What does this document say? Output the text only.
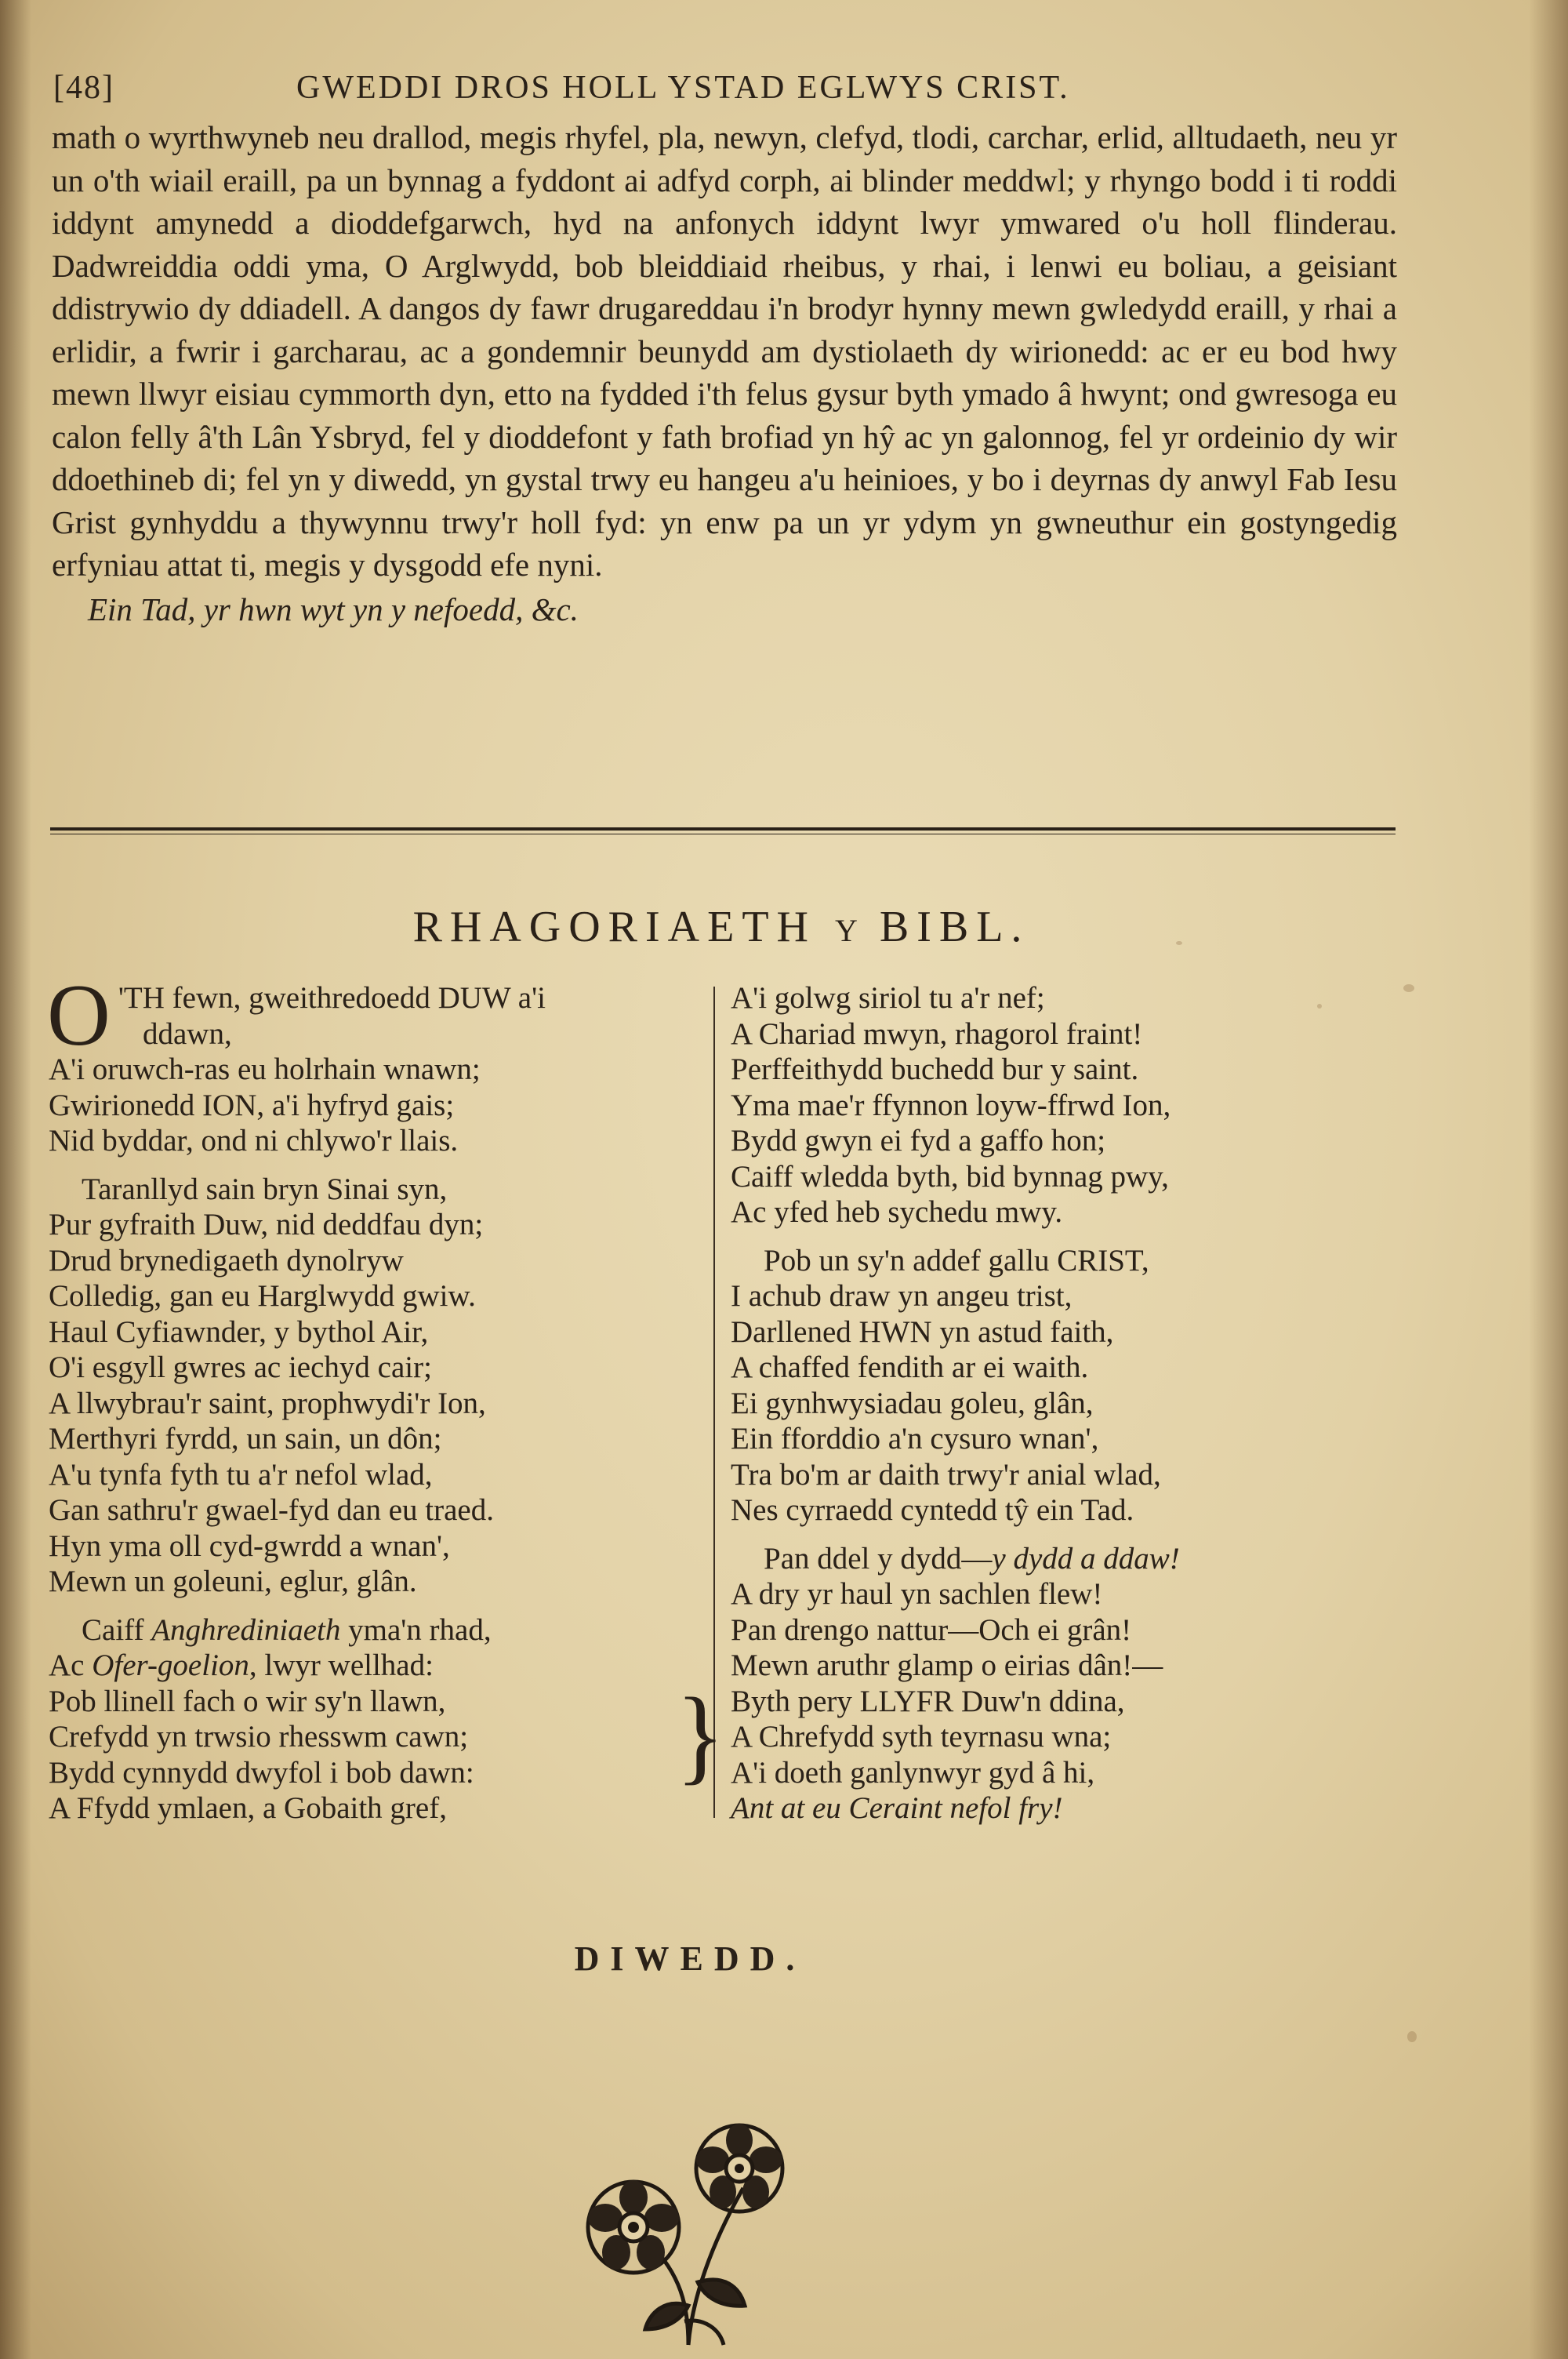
[48]	GWEDDI DROS HOLL YSTAD EGLWYS CRIST.

math o wyrthwyneb neu drallod, megis rhyfel, pla, newyn, clefyd, tlodi, carchar, erlid, alltudaeth, neu yr un o'th wiail eraill, pa un bynnag a fyddont ai adfyd corph, ai blinder meddwl; y rhyngo bodd i ti roddi iddynt amynedd a dioddefgarwch, hyd na anfonych iddynt lwyr ymwared o'u holl flinderau. Dadwreiddia oddi yma, O Arglwydd, bob bleiddiaid rheibus, y rhai, i lenwi eu boliau, a geisiant ddistrywio dy ddiadell. A dangos dy fawr drugareddau i'n brodyr hynny mewn gwledydd eraill, y rhai a erlidir, a fwrir i garcharau, ac a gondemnir beunydd am dystiolaeth dy wirionedd: ac er eu bod hwy mewn llwyr eisiau cymmorth dyn, etto na fydded i'th felus gysur byth ymado â hwynt; ond gwresoga eu calon felly â'th Lân Ysbryd, fel y dioddefont y fath brofiad yn hŷ ac yn galonnog, fel yr ordeinio dy wir ddoethineb di; fel yn y diwedd, yn gystal trwy eu hangeu a'u heinioes, y bo i deyrnas dy anwyl Fab Iesu Grist gynhyddu a thywynnu trwy'r holl fyd: yn enw pa un yr ydym yn gwneuthur ein gostyngedig erfyniau attat ti, megis y dysgodd efe nyni.

Ein Tad, yr hwn wyt yn y nefoedd, &c.

RHAGORIAETH Y BIBL.
O 'TH fewn, gweithredoedd DUW a'i
ddawn,
A'i oruwch-ras eu holrhain wnawn;
Gwirionedd ION, a'i hyfryd gais;
Nid byddar, ond ni chlywo'r llais.
Taranllyd sain bryn Sinai syn,
Pur gyfraith Duw, nid deddfau dyn;
Drud brynedigaeth dynolryw
Colledig, gan eu Harglwydd gwiw.
Haul Cyfiawnder, y bythol Air,
O'i esgyll gwres ac iechyd cair;
A llwybrau'r saint, prophwydi'r Ion,
Merthyri fyrdd, un sain, un dôn;
A'u tynfa fyth tu a'r nefol wlad,
Gan sathru'r gwael-fyd dan eu traed.
Hyn yma oll cyd-gwrdd a wnan',
Mewn un goleuni, eglur, glân.
Caiff Anghrediniaeth yma'n rhad,
Ac Ofer-goelion, lwyr wellhad:
Pob llinell fach o wir sy'n llawn,
Crefydd yn trwsio rhesswm cawn;
Bydd cynnydd dwyfol i bob dawn:
A Ffydd ymlaen, a Gobaith gref,
}
A'i golwg siriol tu a'r nef;
A Chariad mwyn, rhagorol fraint!
Perffeithydd buchedd bur y saint.
Yma mae'r ffynnon loyw-ffrwd Ion,
Bydd gwyn ei fyd a gaffo hon;
Caiff wledda byth, bid bynnag pwy,
Ac yfed heb sychedu mwy.
Pob un sy'n addef gallu CRIST,
I achub draw yn angeu trist,
Darllened HWN yn astud faith,
A chaffed fendith ar ei waith.
Ei gynhwysiadau goleu, glân,
Ein fforddio a'n cysuro wnan',
Tra bo'm ar daith trwy'r anial wlad,
Nes cyrraedd cyntedd tŷ ein Tad.
Pan ddel y dydd—y dydd a ddaw!
A dry yr haul yn sachlen flew!
Pan drengo nattur—Och ei grân!
Mewn aruthr glamp o eirias dân!—
Byth pery LLYFR Duw'n ddina,
A Chrefydd syth teyrnasu wna;
A'i doeth ganlynwyr gyd â hi,
Ant at eu Ceraint nefol fry!
DIWEDD.
